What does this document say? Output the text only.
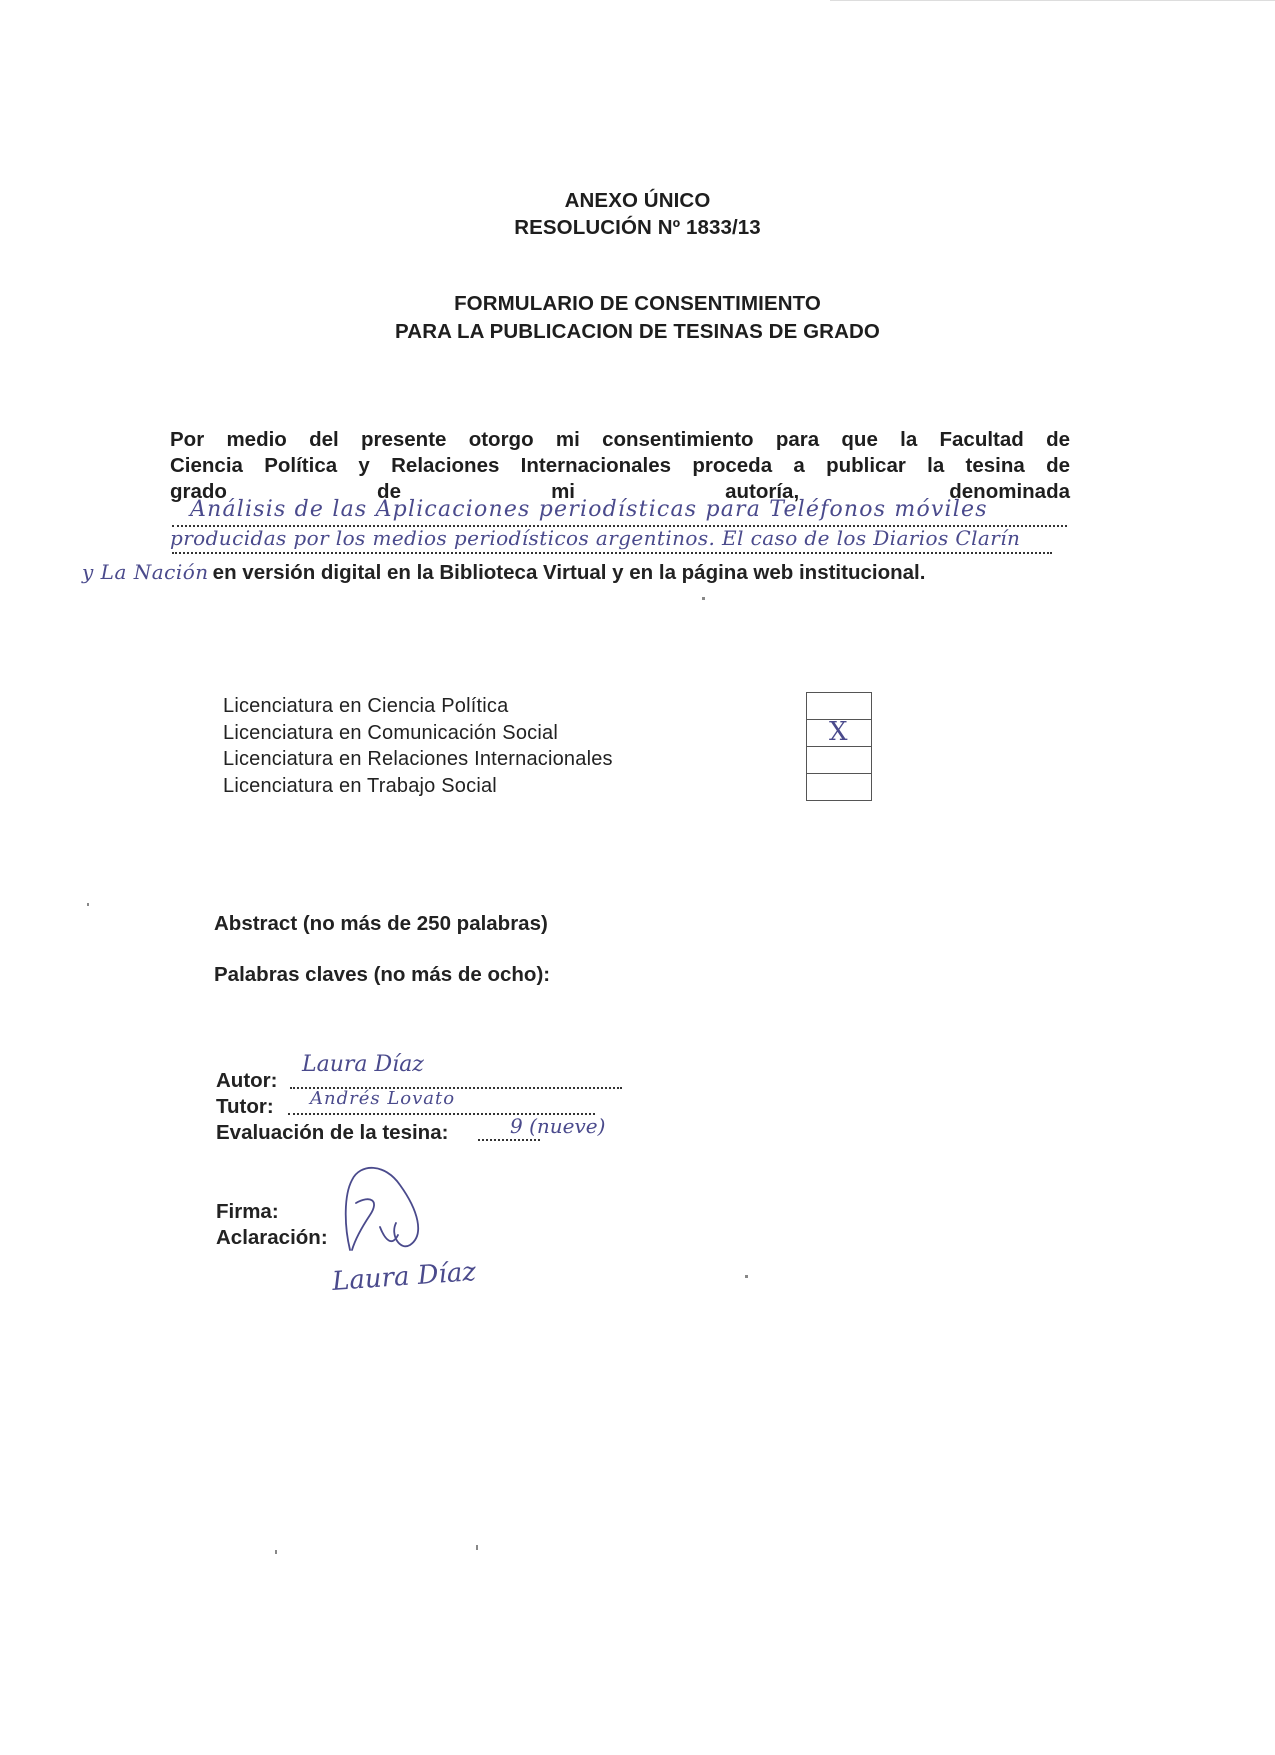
ANEXO ÚNICO
RESOLUCIÓN Nº 1833/13
FORMULARIO DE CONSENTIMIENTO
PARA LA PUBLICACION DE TESINAS DE GRADO
Por medio del presente otorgo mi consentimiento para que la Facultad de
Ciencia Política y Relaciones Internacionales proceda a publicar la tesina de
grado de mi autoría, denominada
Análisis de las Aplicaciones periodísticas para Teléfonos móviles
producidas por los medios periodísticos argentinos. El caso de los Diarios Clarín
y La Nación en versión digital en la Biblioteca Virtual y en la página web institucional.
Licenciatura en Ciencia Política
Licenciatura en Comunicación Social
Licenciatura en Relaciones Internacionales
Licenciatura en Trabajo Social
X
Abstract (no más de 250 palabras)
Palabras claves (no más de ocho):
Autor:
Laura Díaz
Tutor: Andrés Lovato
Evaluación de la tesina:	9 (nueve)
Firma:
Aclaración:
Laura Díaz
